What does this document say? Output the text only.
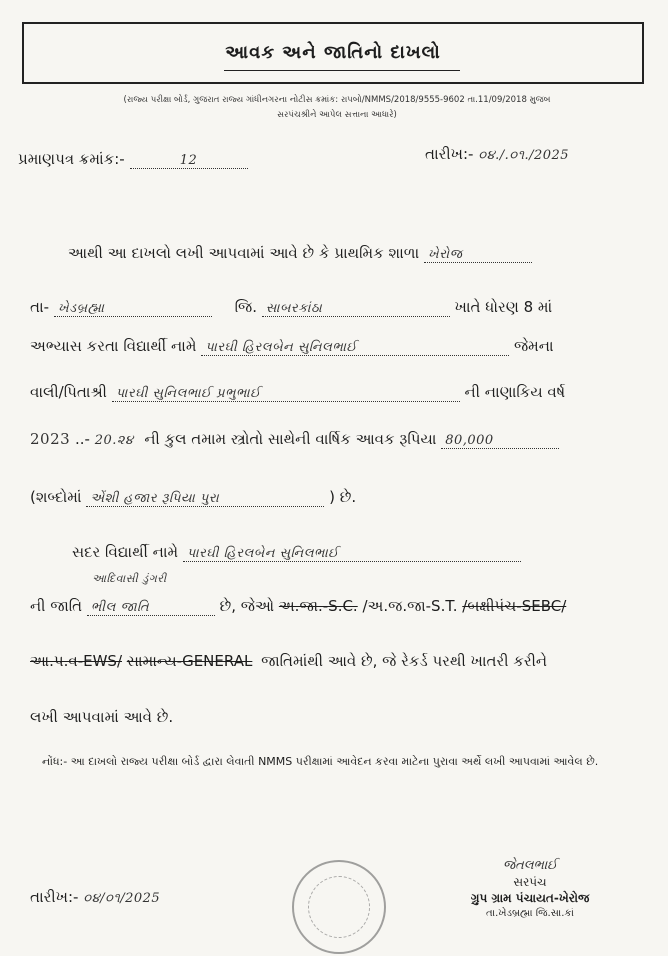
આવક અને જાતિનો દાખલો
(રાજ્ય પરીક્ષા બોર્ડ, ગુજરાત રાજ્ય ગાંધીનગરના નોટીસ ક્રમાંક: રાપબો/NMMS/2018/9555-9602 તા.11/09/2018 મુજબ
સરપંચશ્રીને આપેલ સત્તાના આધારે)
પ્રમાણપત્ર ક્રમાંક:-	12	તારીખ:- ૦૪./.૦૧./2025
આથી આ દાખલો લખી આપવામાં આવે છે કે પ્રાથમિક શાળા ખેરોજ
તા- ખેડબ્રહ્મા	જિ. સાબરકાંઠા	ખાતે ધોરણ 8 માં
અભ્યાસ કરતા વિદ્યાર્થી નામે પારઘી હિરલબેન સુનિલભાઈ	જેમના
વાલી/પિતાશ્રી પારઘી સુનિલભાઈ પ્રભુભાઈ	ની નાણાકિય વર્ષ
2023 ..- 20.૨૪ ની કુલ તમામ સ્ત્રોતો સાથેની વાર્ષિક આવક રૂપિયા 80,000
(શબ્દોમાં એંશી હજાર રૂપિયા પુરા	) છે.
સદર વિદ્યાર્થી નામે પારઘી હિરલબેન સુનિલભાઈ
આદિવાસી ડુંગરી
ની જાતિ ભીલ જાતિ	છે, જેઓ અ.જા.-S.C. /અ.જ.જા-S.T. /બક્ષીપંચ-SEBC/
આ.પ.વ-EWS/ સામાન્ય-GENERAL જાતિમાંથી આવે છે, જે રેકર્ડ પરથી ખાતરી કરીને
લખી આપવામાં આવે છે.
નોંધ:- આ દાખલો રાજ્ય પરીક્ષા બોર્ડ દ્વારા લેવાતી NMMS પરીક્ષામાં આવેદન કરવા માટેના પુરાવા અર્થે લખી આપવામાં આવેલ છે.
તારીખ:- ૦૪/૦૧/2025
જેતલભાઈ
સરપંચ
ગ્રુપ ગ્રામ પંચાયત-ખેરોજ
તા.ખેડબ્રહ્મા જિ.સા.કાં
